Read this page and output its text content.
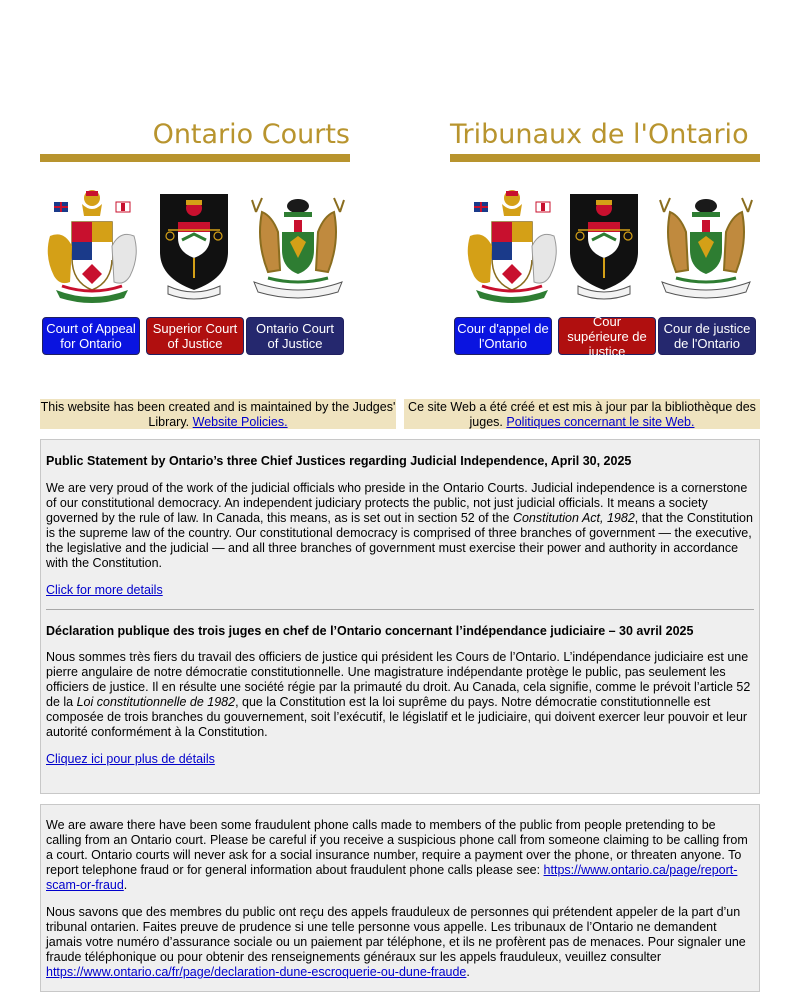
Ontario Courts
Court of Appeal for Ontario
Superior Court of Justice
Ontario Court of Justice
Tribunaux de l'Ontario
Cour d'appel de l'Ontario
Cour supérieure de justice
Cour de justice de l'Ontario
This website has been created and is maintained by the Judges' Library. Website Policies.
Ce site Web a été créé et est mis à jour par la bibliothèque des juges. Politiques concernant le site Web.
Public Statement by Ontario’s three Chief Justices regarding Judicial Independence, April 30, 2025

We are very proud of the work of the judicial officials who preside in the Ontario Courts. Judicial independence is a cornerstone of our constitutional democracy. An independent judiciary protects the public, not just judicial officials. It means a society governed by the rule of law. In Canada, this means, as is set out in section 52 of the Constitution Act, 1982, that the Constitution is the supreme law of the country. Our constitutional democracy is comprised of three branches of government — the executive, the legislative and the judicial — and all three branches of government must exercise their power and authority in accordance with the Constitution.

Click for more details

Déclaration publique des trois juges en chef de l’Ontario concernant l’indépendance judiciaire – 30 avril 2025

Nous sommes très fiers du travail des officiers de justice qui président les Cours de l’Ontario. L’indépendance judiciaire est une pierre angulaire de notre démocratie constitutionnelle. Une magistrature indépendante protège le public, pas seulement les officiers de justice. Il en résulte une société régie par la primauté du droit. Au Canada, cela signifie, comme le prévoit l’article 52 de la Loi constitutionnelle de 1982, que la Constitution est la loi suprême du pays. Notre démocratie constitutionnelle est composée de trois branches du gouvernement, soit l’exécutif, le législatif et le judiciaire, qui doivent exercer leur pouvoir et leur autorité conformément à la Constitution.

Cliquez ici pour plus de détails

We are aware there have been some fraudulent phone calls made to members of the public from people pretending to be calling from an Ontario court. Please be careful if you receive a suspicious phone call from someone claiming to be calling from a court. Ontario courts will never ask for a social insurance number, require a payment over the phone, or threaten anyone. To report telephone fraud or for general information about fraudulent phone calls please see: https://www.ontario.ca/page/report-scam-or-fraud.

Nous savons que des membres du public ont reçu des appels frauduleux de personnes qui prétendent appeler de la part d’un tribunal ontarien. Faites preuve de prudence si une telle personne vous appelle. Les tribunaux de l’Ontario ne demandent jamais votre numéro d’assurance sociale ou un paiement par téléphone, et ils ne profèrent pas de menaces. Pour signaler une fraude téléphonique ou pour obtenir des renseignements généraux sur les appels frauduleux, veuillez consulter https://www.ontario.ca/fr/page/declaration-dune-escroquerie-ou-dune-fraude.
